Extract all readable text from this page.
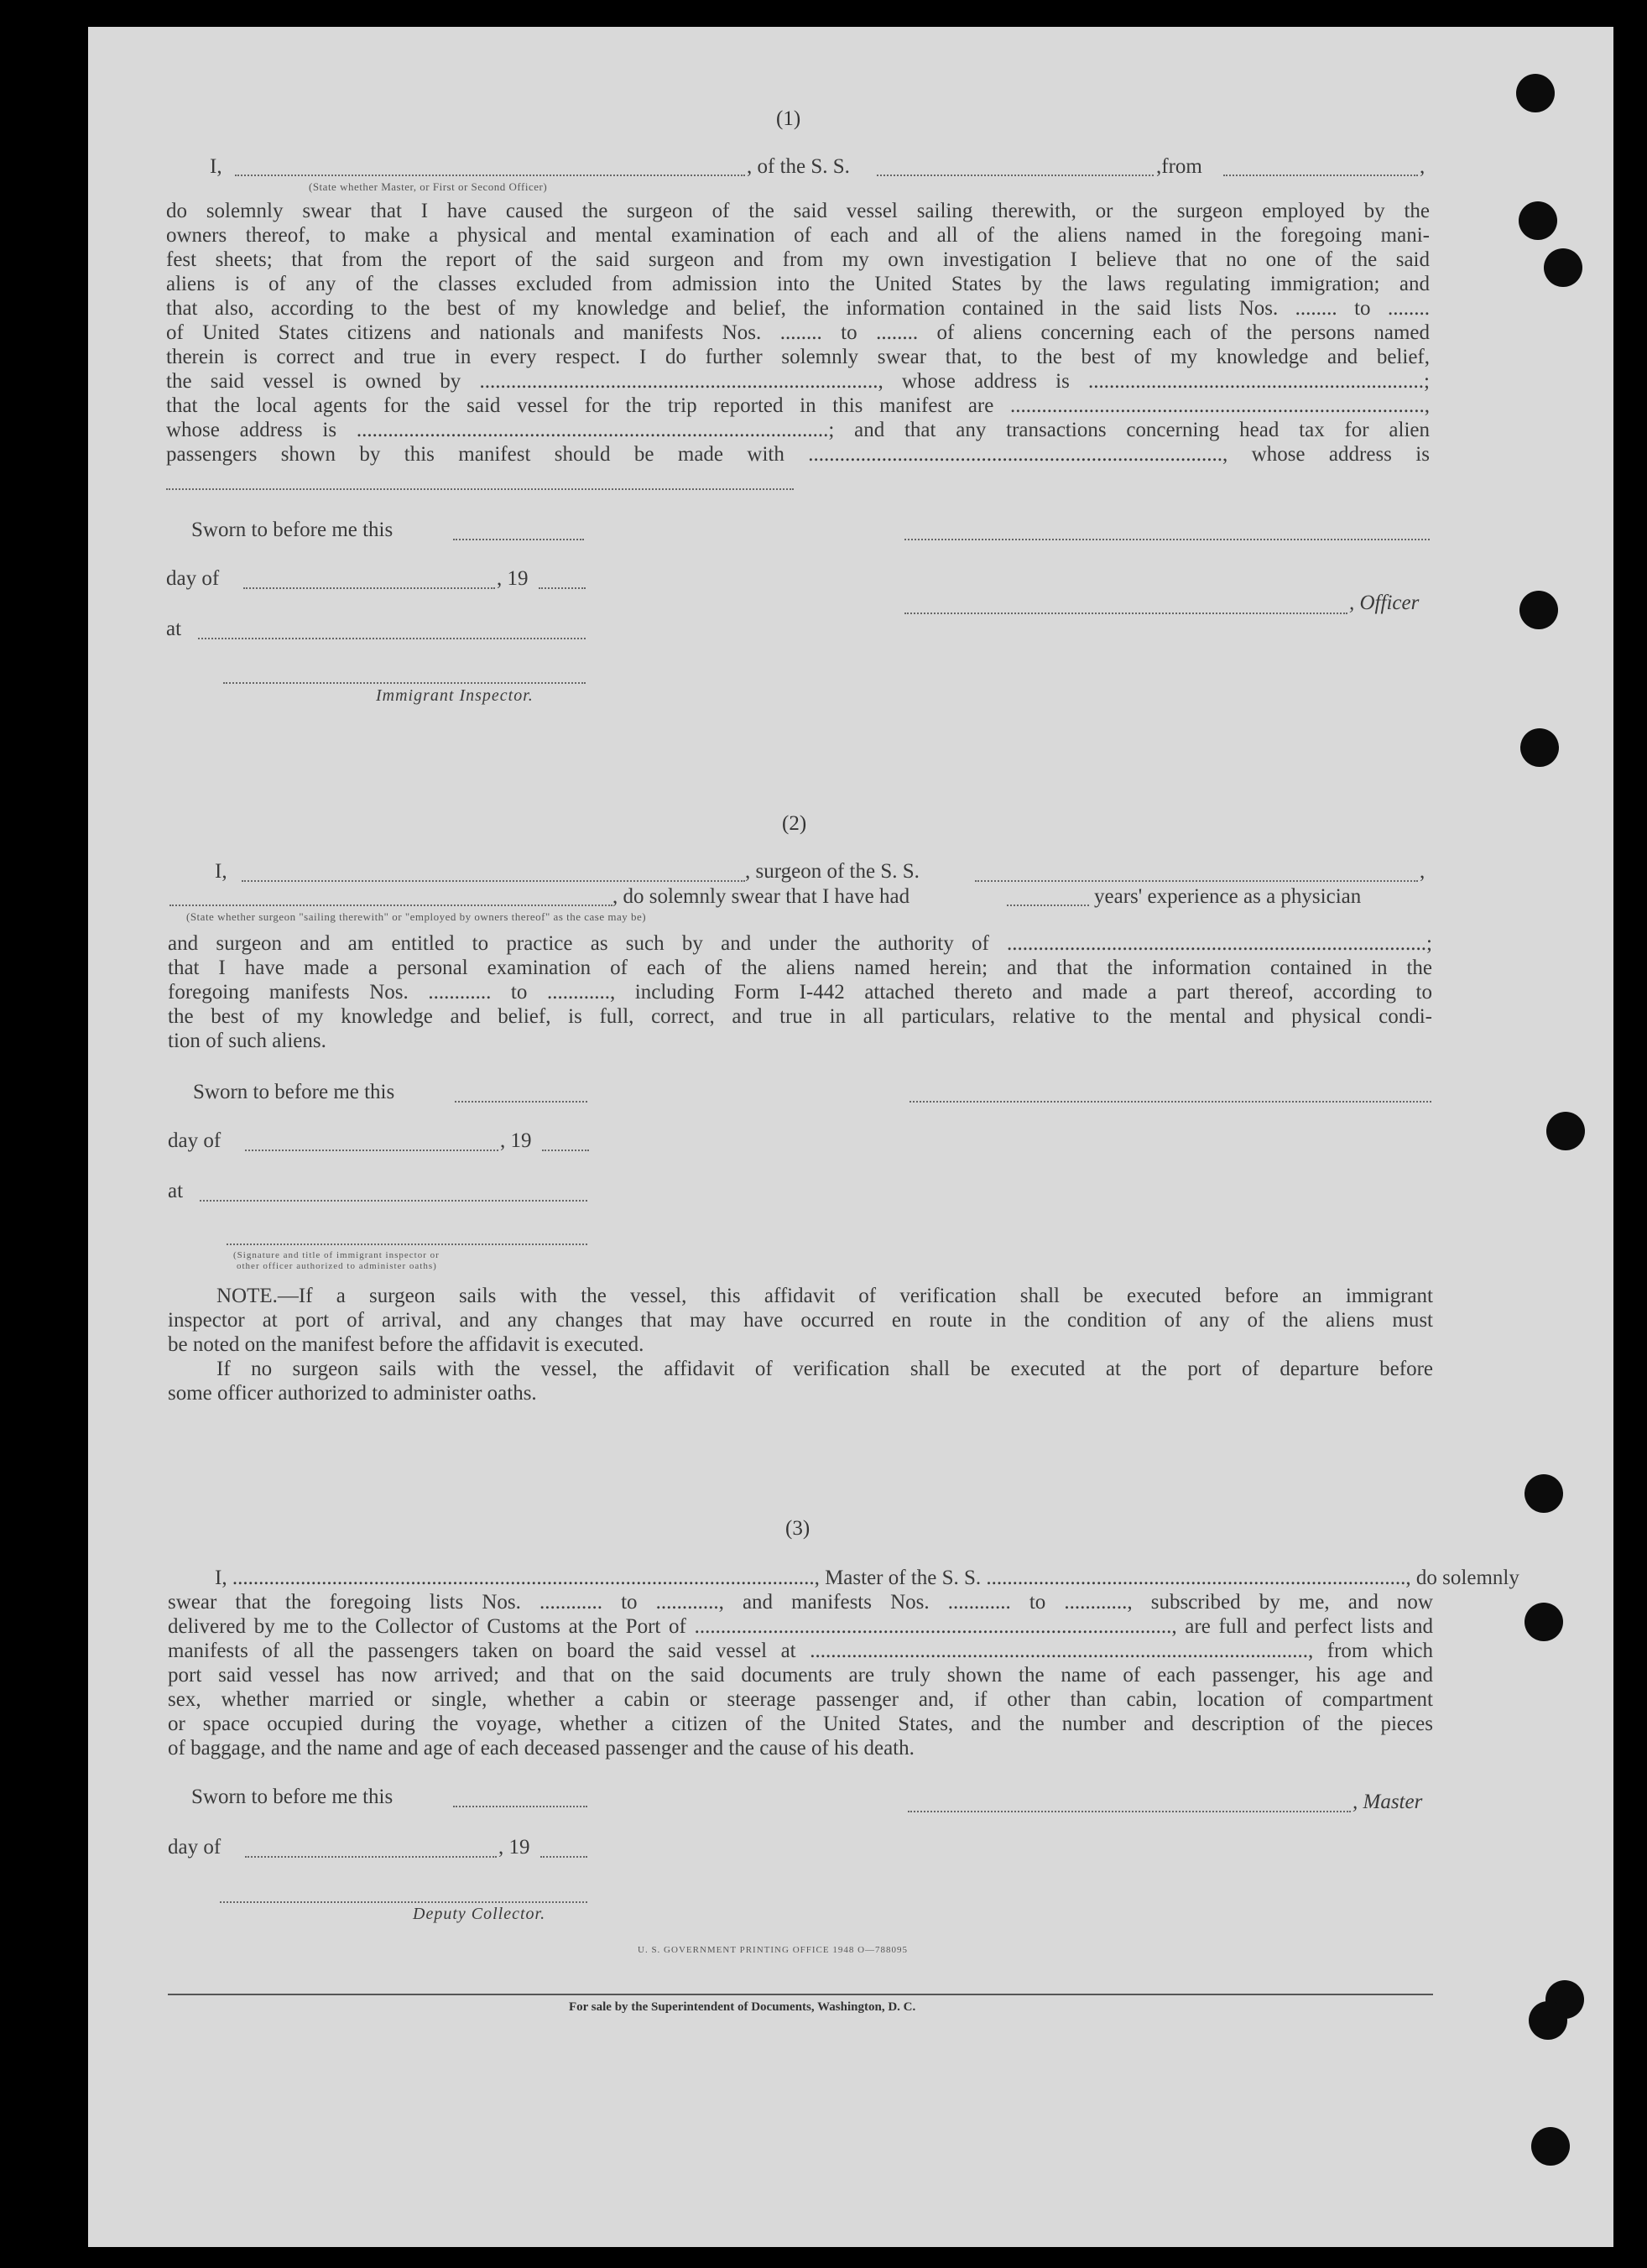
(1)
I,	, of the S. S.	,from	,
(State whether Master, or First or Second Officer)
do solemnly swear that I have caused the surgeon of the said vessel sailing therewith, or the surgeon employed by the
owners thereof, to make a physical and mental examination of each and all of the aliens named in the foregoing mani-
fest sheets; that from the report of the said surgeon and from my own investigation I believe that no one of the said
aliens is of any of the classes excluded from admission into the United States by the laws regulating immigration; and
that also, according to the best of my knowledge and belief, the information contained in the said lists Nos. ........ to ........
of United States citizens and nationals and manifests Nos. ........ to ........ of aliens concerning each of the persons named
therein is correct and true in every respect. I do further solemnly swear that, to the best of my knowledge and belief,
the said vessel is owned by ............................................................................, whose address is ................................................................;
that the local agents for the said vessel for the trip reported in this manifest are ...............................................................................,
whose address is ..........................................................................................; and that any transactions concerning head tax for alien
passengers shown by this manifest should be made with ..............................................................................., whose address is
Sworn to before me this
day of	, 19
, Officer
at
Immigrant Inspector.
(2)
I,	, surgeon of the S. S.	,
, do solemnly swear that I have had	years' experience as a physician
(State whether surgeon "sailing therewith" or "employed by owners thereof" as the case may be)
and surgeon and am entitled to practice as such by and under the authority of ................................................................................;
that I have made a personal examination of each of the aliens named herein; and that the information contained in the
foregoing manifests Nos. ............ to ............, including Form I-442 attached thereto and made a part thereof, according to
the best of my knowledge and belief, is full, correct, and true in all particulars, relative to the mental and physical condi-
tion of such aliens.
Sworn to before me this
day of	, 19
at
(Signature and title of immigrant inspector or
other officer authorized to administer oaths)
NOTE.—If a surgeon sails with the vessel, this affidavit of verification shall be executed before an immigrant
inspector at port of arrival, and any changes that may have occurred en route in the condition of any of the aliens must
be noted on the manifest before the affidavit is executed.
If no surgeon sails with the vessel, the affidavit of verification shall be executed at the port of departure before
some officer authorized to administer oaths.
(3)
I, ..............................................................................................................., Master of the S. S. ................................................................................, do solemnly
swear that the foregoing lists Nos. ............ to ............, and manifests Nos. ............ to ............, subscribed by me, and now
delivered by me to the Collector of Customs at the Port of ..........................................................................................., are full and perfect lists and
manifests of all the passengers taken on board the said vessel at ..............................................................................................., from which
port said vessel has now arrived; and that on the said documents are truly shown the name of each passenger, his age and
sex, whether married or single, whether a cabin or steerage passenger and, if other than cabin, location of compartment
or space occupied during the voyage, whether a citizen of the United States, and the number and description of the pieces
of baggage, and the name and age of each deceased passenger and the cause of his death.
Sworn to before me this	, Master
day of	, 19
Deputy Collector.
U. S. GOVERNMENT PRINTING OFFICE 1948 O—788095
For sale by the Superintendent of Documents, Washington, D. C.
